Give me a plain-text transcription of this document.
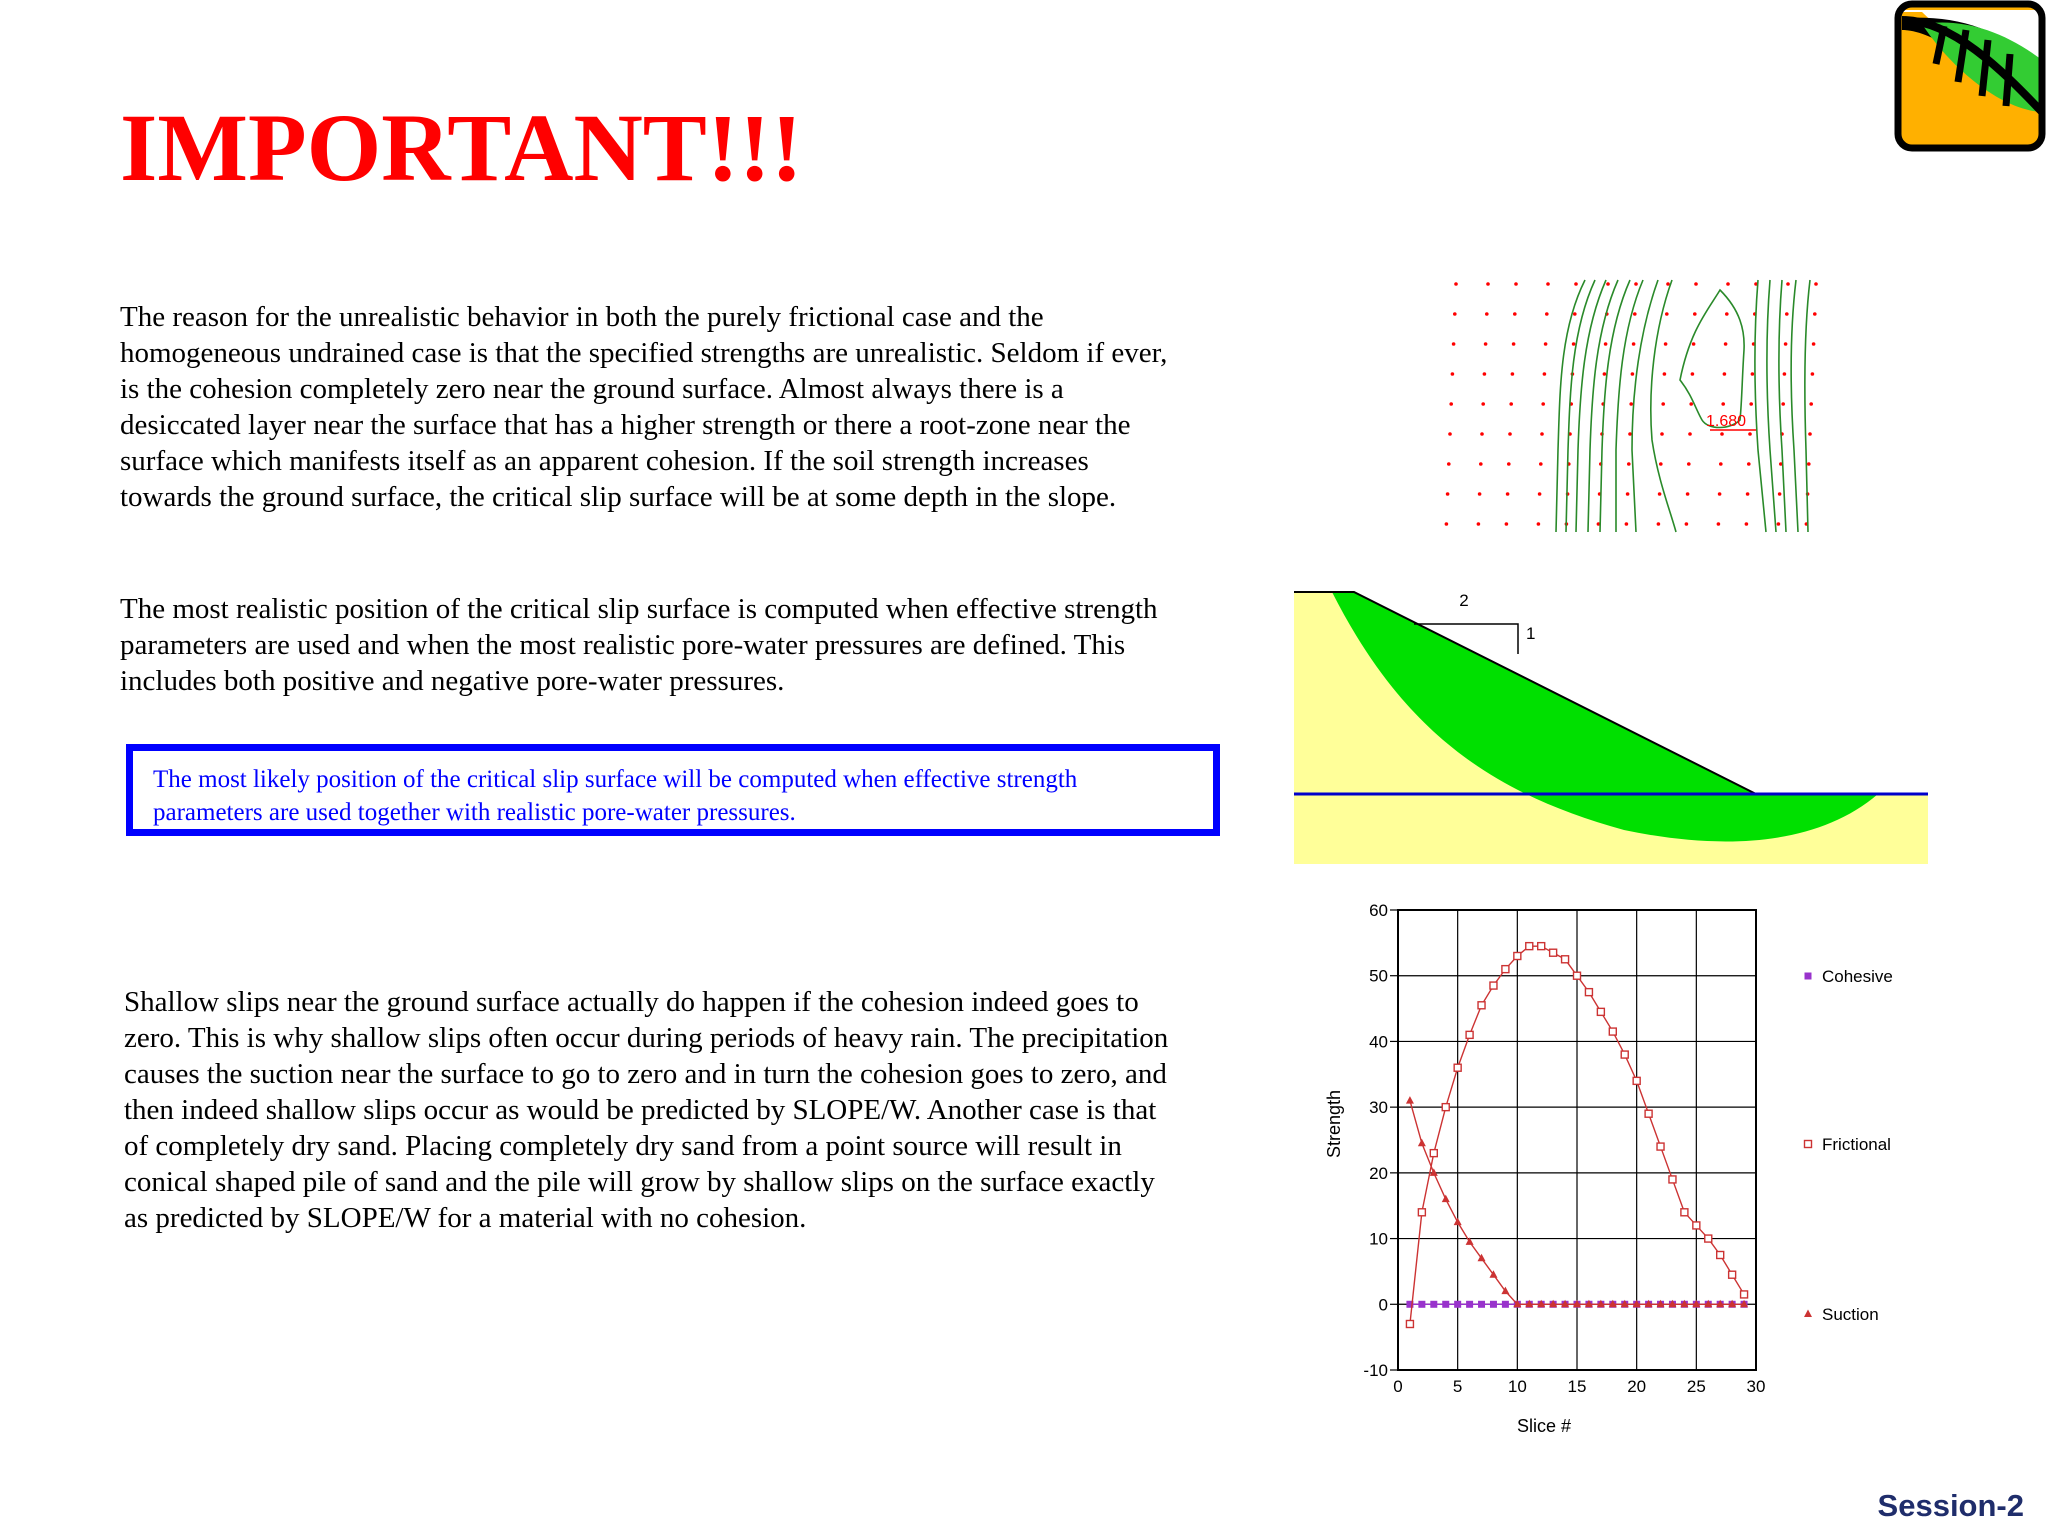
IMPORTANT!!!

The reason for the unrealistic behavior in both the purely frictional case and the homogeneous undrained case is that the specified strengths are unrealistic. Seldom if ever, is the cohesion completely zero near the ground surface. Almost always there is a desiccated layer near the surface that has a higher strength or there a root-zone near the surface which manifests itself as an apparent cohesion. If the soil strength increases towards the ground surface, the critical slip surface will be at some depth in the slope.

The most realistic position of the critical slip surface is computed when effective strength parameters are used and when the most realistic pore-water pressures are defined. This includes both positive and negative pore-water pressures.

The most likely position of the critical slip surface will be computed when effective strength parameters are used together with realistic pore-water pressures.

Shallow slips near the ground surface actually do happen if the cohesion indeed goes to zero. This is why shallow slips often occur during periods of heavy rain. The precipitation causes the suction near the surface to go to zero and in turn the cohesion goes to zero, and then indeed shallow slips occur as would be predicted by SLOPE/W. Another case is that of completely dry sand. Placing completely dry sand from a point source will result in conical shaped pile of sand and the pile will grow by shallow slips on the surface exactly as predicted by SLOPE/W for a material with no cohesion.

1.680
2
1
0	5	10 15 20 25 30
-10
0
10
20
30
40
50
60
Cohesive
Frictional
Suction
Slice #
Strength
Session-2
